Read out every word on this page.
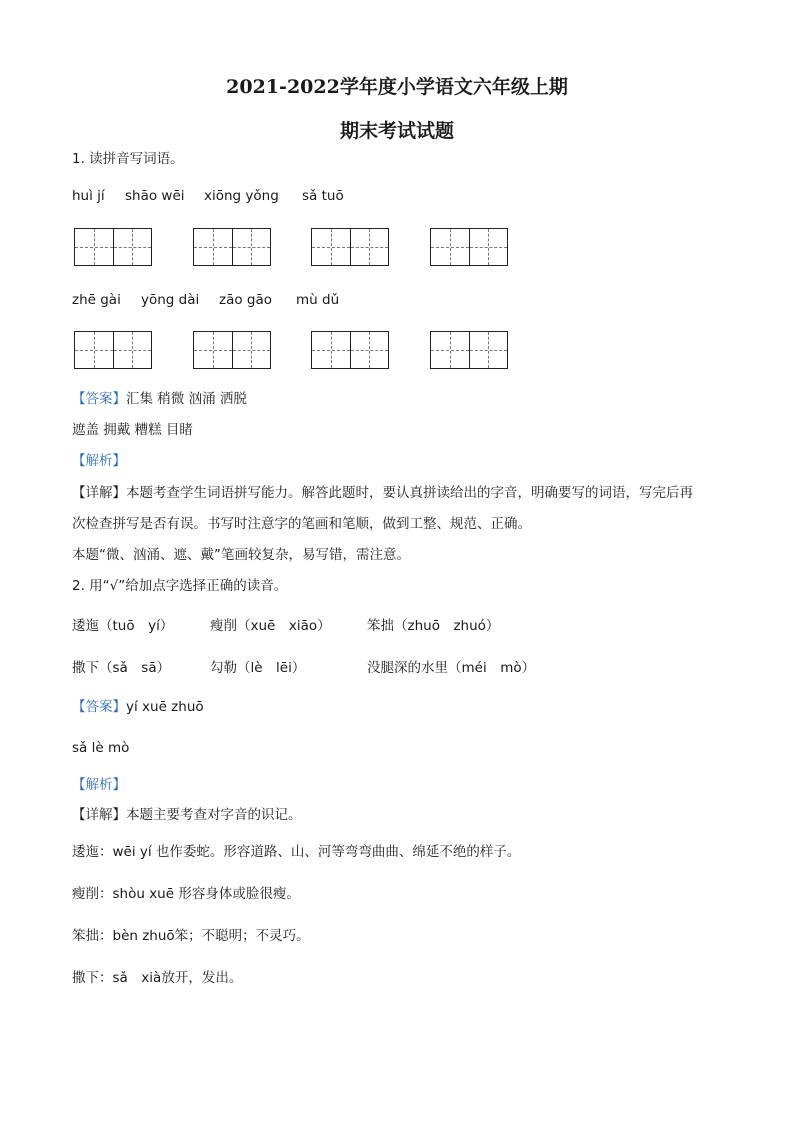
2021-2022学年度小学语文六年级上期
期末考试试题
1. 读拼音写词语。
huì jí shāo wēi xiōng yǒng sǎ tuō
zhē gài yōng dài zāo gāo mù dǔ
【答案】汇集 稍微 汹涌 洒脱
遮盖 拥戴 糟糕 目睹
【解析】
【详解】本题考查学生词语拼写能力。解答此题时，要认真拼读给出的字音，明确要写的词语，写完后再
次检查拼写是否有误。书写时注意字的笔画和笔顺，做到工整、规范、正确。
本题“微、汹涌、遮、戴”笔画较复杂，易写错，需注意。
2. 用“√”给加点字选择正确的读音。
逶迤（tuō　yí）	瘦削（xuē　xiāo）	笨拙（zhuō　zhuó）
撒下（sǎ　sā）	勾勒（lè　lēi）	没腿深的水里（méi　mò）
【答案】yí xuē zhuō
sǎ lè mò
【解析】
【详解】本题主要考查对字音的识记。
逶迤：wēi yí 也作委蛇。形容道路、山、河等弯弯曲曲、绵延不绝的样子。
瘦削：shòu xuē 形容身体或脸很瘦。
笨拙：bèn zhuō笨；不聪明；不灵巧。
撒下：sǎ　xià放开，发出。
